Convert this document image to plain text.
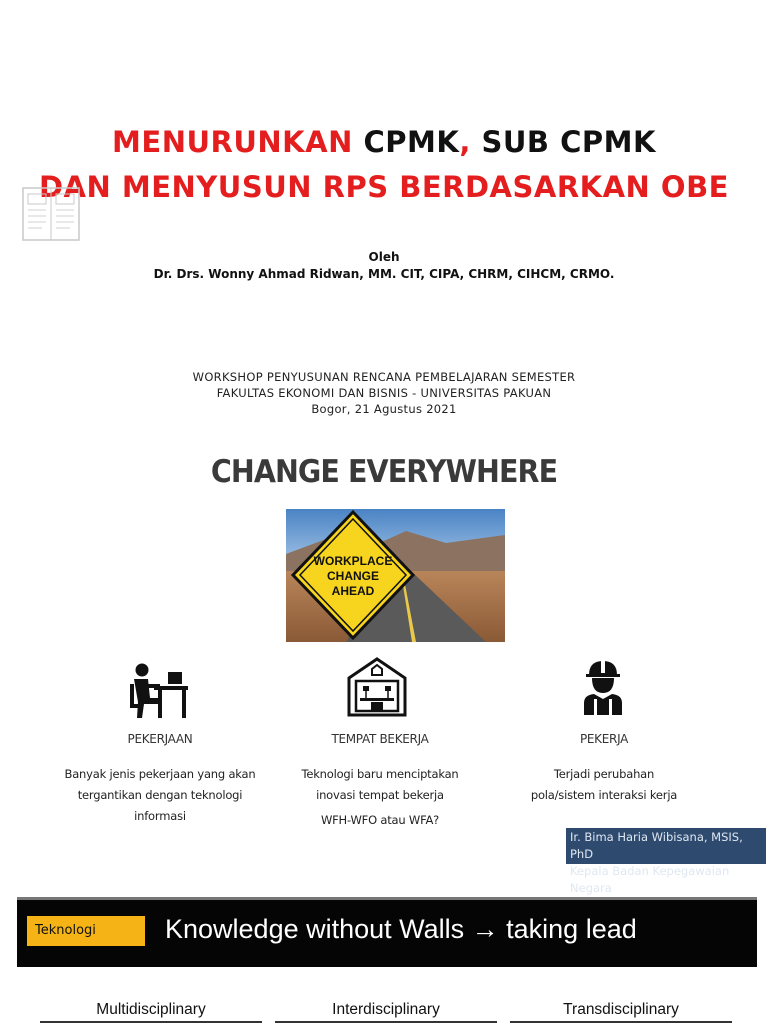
MENURUNKAN CPMK, SUB CPMK
DAN MENYUSUN RPS BERDASARKAN OBE
Oleh
Dr. Drs. Wonny Ahmad Ridwan, MM. CIT, CIPA, CHRM, CIHCM, CRMO.
WORKSHOP PENYUSUNAN RENCANA PEMBELAJARAN SEMESTER
FAKULTAS EKONOMI DAN BISNIS - UNIVERSITAS PAKUAN
Bogor, 21 Agustus 2021
CHANGE EVERYWHERE
WORKPLACE
CHANGE
AHEAD
PEKERJAAN
Banyak jenis pekerjaan yang akan
tergantikan dengan teknologi
informasi
TEMPAT BEKERJA
Teknologi baru menciptakan
inovasi tempat bekerja
WFH-WFO atau WFA?
PEKERJA
Terjadi perubahan
pola/sistem interaksi kerja
Ir. Bima Haria Wibisana, MSIS, PhD
Kepala Badan Kepegawaian Negara
Teknologi	Knowledge without Walls → taking lead
Multidisciplinary	Interdisciplinary	Transdisciplinary
